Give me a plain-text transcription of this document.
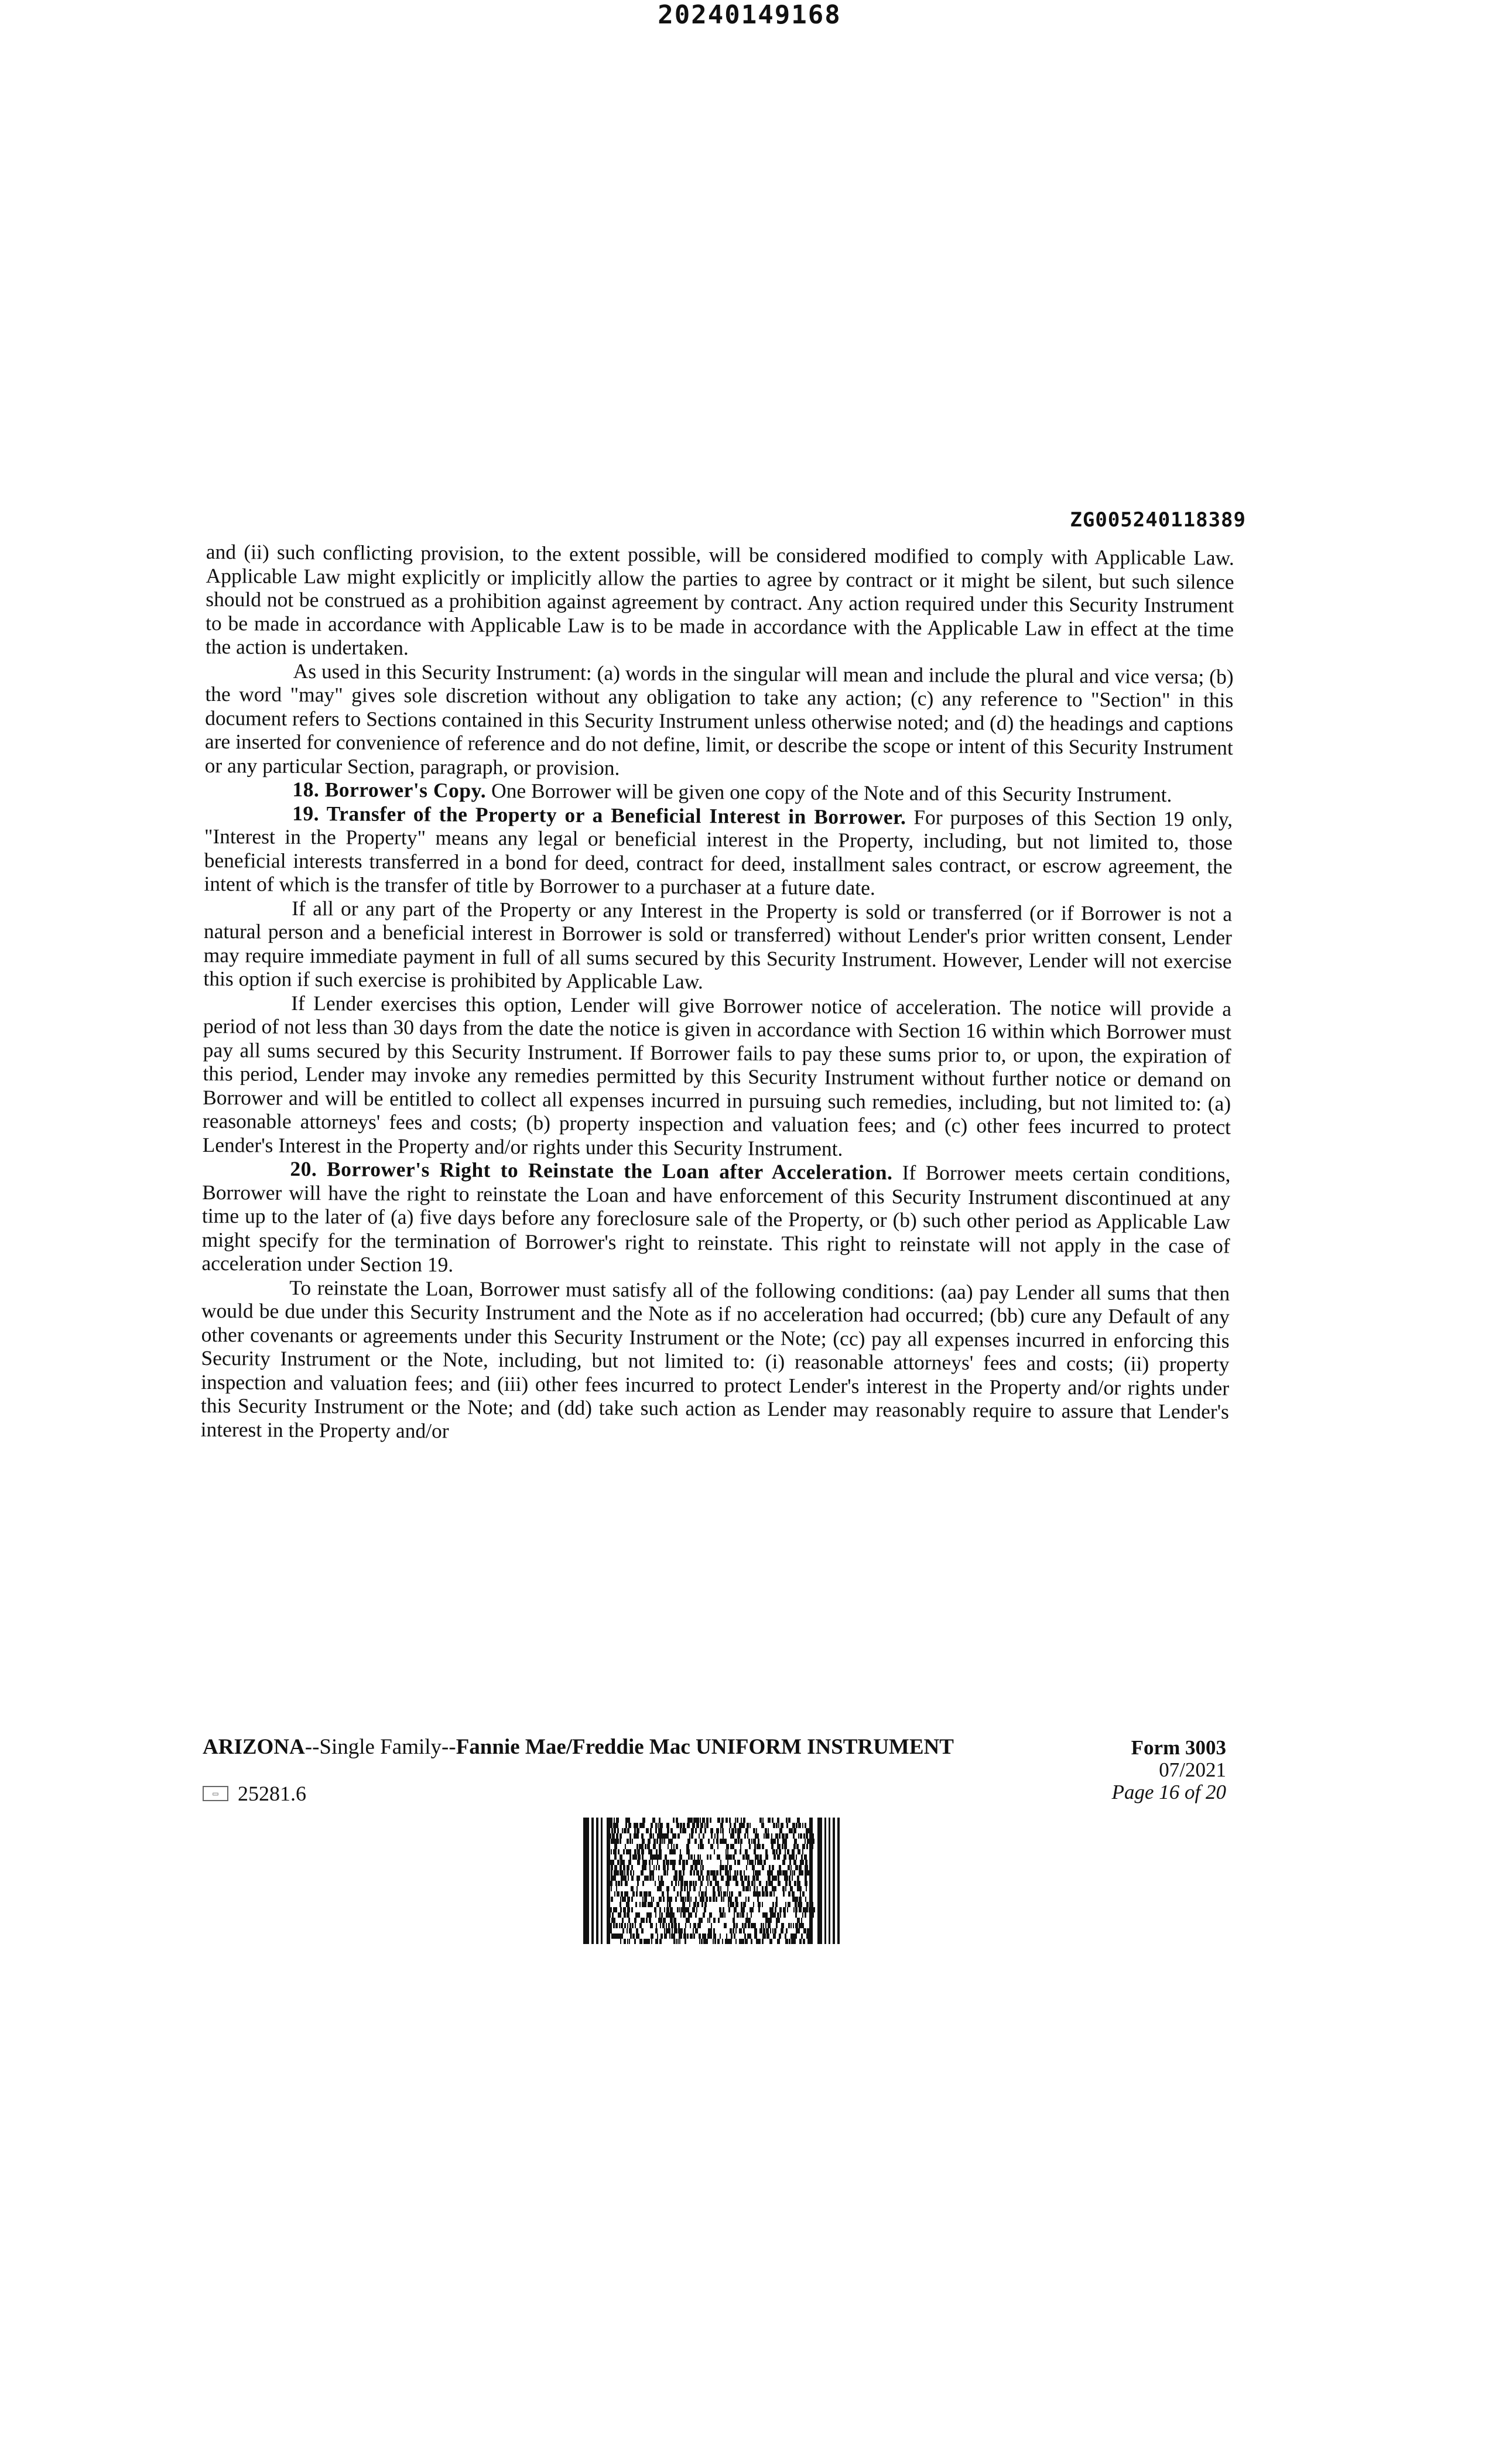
20240149168
ZG005240118389

and (ii) such conflicting provision, to the extent possible, will be considered modified to comply with Applicable Law. Applicable Law might explicitly or implicitly allow the parties to agree by contract or it might be silent, but such silence should not be construed as a prohibition against agreement by contract. Any action required under this Security Instrument to be made in accordance with Applicable Law is to be made in accordance with the Applicable Law in effect at the time the action is undertaken.

As used in this Security Instrument: (a) words in the singular will mean and include the plural and vice versa; (b) the word "may" gives sole discretion without any obligation to take any action; (c) any reference to "Section" in this document refers to Sections contained in this Security Instrument unless otherwise noted; and (d) the headings and captions are inserted for convenience of reference and do not define, limit, or describe the scope or intent of this Security Instrument or any particular Section, paragraph, or provision.

18. Borrower's Copy. One Borrower will be given one copy of the Note and of this Security Instrument.

19. Transfer of the Property or a Beneficial Interest in Borrower. For purposes of this Section 19 only, "Interest in the Property" means any legal or beneficial interest in the Property, including, but not limited to, those beneficial interests transferred in a bond for deed, contract for deed, installment sales contract, or escrow agreement, the intent of which is the transfer of title by Borrower to a purchaser at a future date.

If all or any part of the Property or any Interest in the Property is sold or transferred (or if Borrower is not a natural person and a beneficial interest in Borrower is sold or transferred) without Lender's prior written consent, Lender may require immediate payment in full of all sums secured by this Security Instrument. However, Lender will not exercise this option if such exercise is prohibited by Applicable Law.

If Lender exercises this option, Lender will give Borrower notice of acceleration. The notice will provide a period of not less than 30 days from the date the notice is given in accordance with Section 16 within which Borrower must pay all sums secured by this Security Instrument. If Borrower fails to pay these sums prior to, or upon, the expiration of this period, Lender may invoke any remedies permitted by this Security Instrument without further notice or demand on Borrower and will be entitled to collect all expenses incurred in pursuing such remedies, including, but not limited to: (a) reasonable attorneys' fees and costs; (b) property inspection and valuation fees; and (c) other fees incurred to protect Lender's Interest in the Property and/or rights under this Security Instrument.

20. Borrower's Right to Reinstate the Loan after Acceleration. If Borrower meets certain conditions, Borrower will have the right to reinstate the Loan and have enforcement of this Security Instrument discontinued at any time up to the later of (a) five days before any foreclosure sale of the Property, or (b) such other period as Applicable Law might specify for the termination of Borrower's right to reinstate. This right to reinstate will not apply in the case of acceleration under Section 19.

To reinstate the Loan, Borrower must satisfy all of the following conditions: (aa) pay Lender all sums that then would be due under this Security Instrument and the Note as if no acceleration had occurred; (bb) cure any Default of any other covenants or agreements under this Security Instrument or the Note; (cc) pay all expenses incurred in enforcing this Security Instrument or the Note, including, but not limited to: (i) reasonable attorneys' fees and costs; (ii) property inspection and valuation fees; and (iii) other fees incurred to protect Lender's interest in the Property and/or rights under this Security Instrument or the Note; and (dd) take such action as Lender may reasonably require to assure that Lender's interest in the Property and/or

ARIZONA--Single Family--Fannie Mae/Freddie Mac UNIFORM INSTRUMENT
▭ 25281.6
Form 3003
07/2021
Page 16 of 20
